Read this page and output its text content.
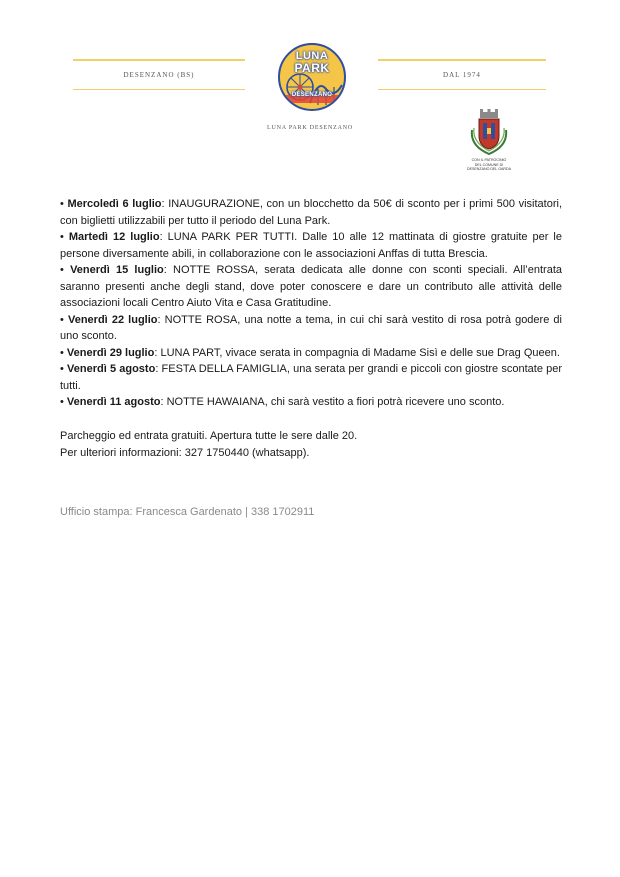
DESENZANO (BS)	DAL 1974
LUNA
PARK
DESENZANO
LUNA PARK DESENZANO
CON IL PATROCINIO
DEL COMUNE DI
DESENZANO DEL GARDA
• Mercoledì 6 luglio: INAUGURAZIONE, con un blocchetto da 50€ di sconto per i primi 500 visitatori, con biglietti utilizzabili per tutto il periodo del Luna Park.
• Martedì 12 luglio: LUNA PARK PER TUTTI. Dalle 10 alle 12 mattinata di giostre gratuite per le persone diversamente abili, in collaborazione con le associazioni Anffas di tutta Brescia.
• Venerdì 15 luglio: NOTTE ROSSA, serata dedicata alle donne con sconti speciali. All’entrata saranno presenti anche degli stand, dove poter conoscere e dare un contributo alle attività delle associazioni locali Centro Aiuto Vita e Casa Gratitudine.
• Venerdì 22 luglio: NOTTE ROSA, una notte a tema, in cui chi sarà vestito di rosa potrà godere di uno sconto.
• Venerdì 29 luglio: LUNA PART, vivace serata in compagnia di Madame Sisì e delle sue Drag Queen.
• Venerdì 5 agosto: FESTA DELLA FAMIGLIA, una serata per grandi e piccoli con giostre scontate per tutti.
• Venerdì 11 agosto: NOTTE HAWAIANA, chi sarà vestito a fiori potrà ricevere uno sconto.
Parcheggio ed entrata gratuiti. Apertura tutte le sere dalle 20.
Per ulteriori informazioni: 327 1750440 (whatsapp).
Ufficio stampa: Francesca Gardenato | 338 1702911
